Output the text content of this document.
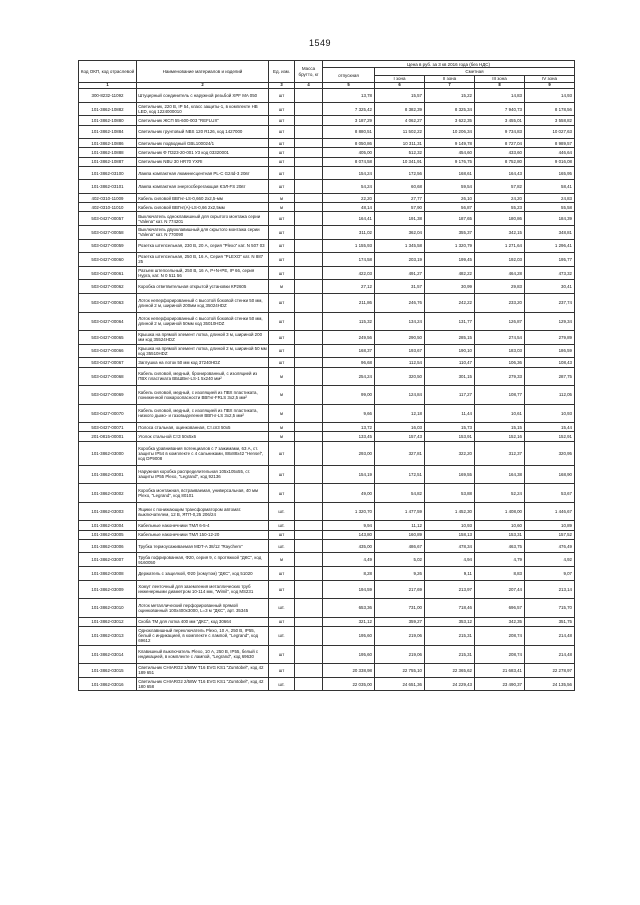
1549
Код ОКП, код отраслевой	Наименование материалов и изделий	Ед. изм.	Масса брутто, кг	Цена в руб. за 3 кв 2016 года (без НДС)				
				отпускная	Сметная			
					I зона	II зона	III зона	IV зона
1	2	3	4	5	6	7	8	9
300-8232-11092	Штуцерный соединитель с наружной резьбой XPF MA 050	шт		13,78	15,57	15,22	14,83	14,93
101-3862-10882	Светильник, 220 В, IP 54, класс защиты-1, в комплекте НВ LED, код 1224000010	шт		7 325,42	8 382,39	8 325,34	7 940,73	8 178,56
101-3862-10880	Светильник ЖСП 55-600-003 "REFLUX"	шт		3 187,29	4 062,27	3 622,35	3 455,01	3 558,82
101-3862-10884	Светильник грунтовый NBS 120 R126, код 1427000	шт		8 880,51	11 502,22	10 206,34	9 734,83	10 027,63
101-3862-10886	Светильник подводный GBL100024/1	шт		8 050,86	10 311,31	9 149,78	8 727,04	8 989,57
101-3862-10888	Светильник Ф ПЗ23-20-001 У3 код 03320001	шт		405,00	512,32	454,60	433,60	446,64
101-3862-10887	Светильник NBU 30 HR70 YXRI	шт		8 074,58	10 341,91	9 176,75	8 752,80	9 016,08
101-3862-03100	Лампа компактная люминесцентная PL-C G24d-3 20вт	шт		154,24	172,56	168,61	164,43	165,95
101-3862-03101	Лампа компактная энергосберегающая КЭЛ-FS 20вт	шт		54,24	60,68	59,54	57,82	58,41
402-0310-11009	Кабель силовой ВВГнг-LS-0,660 2х2,5-мм	м		22,20	27,77	26,10	24,20	24,83
402-0310-11010	Кабель силовой ВВГнг(А)-LS-0,66 2х2,5мм	м		48,14	57,90	56,87	55,23	55,58
503-0427-00057	Выключатель одноклавишный для скрытого монтажа серии "Valena" кат. N 774201	шт		164,41	191,38	187,65	180,86	184,39
503-0427-00058	Выключатель двухклавишный для скрытого монтажа серии "Valena" кат. N 770090	шт		311,02	362,04	355,37	342,15	348,81
503-0427-00059	Розетка штепсельная, 230 В, 20 А, серия "Plexo" кат. N 507 03	шт		1 155,93	1 345,58	1 320,79	1 271,64	1 296,41
503-0427-00060	Розетка штепсельная, 250 В, 16 А, Серия "PLEXO" кат. N 887 25	шт		174,58	203,19	199,45	192,03	195,77
503-0427-00061	Разъем штепсельный, 250 В, 16 А, Р+N+PE, IP 66, серия Hypra, кат. N 0 511 56	шт		422,03	491,27	482,22	464,28	473,32
503-0427-00062	Коробка ответвительная открытой установки КР2605	м		27,12	31,57	30,99	29,83	30,41
503-0427-00063	Лоток неперфорированный с высотой боковой стенки 50 мм, длиной 2 м, шириной 200мм код 35024HDZ	шт		211,86	246,76	242,22	233,20	237,74
503-0427-00064	Лоток неперфорированный с высотой боковой стенки 50 мм, длиной 2 м, шириной 50мм код 35010HDZ	шт		115,32	134,24	131,77	126,87	129,34
503-0427-00065	Крышка на прямой элемент лотка, длиной 3 м, шириной 200 мм код 35524HDZ	шт		249,56	290,50	285,15	274,54	279,89
503-0427-00066	Крышка на прямой элемент лотка, длиной 2 м, шириной 50 мм код 35510HDZ	шт		168,37	193,67	190,10	183,03	186,59
503-0427-00067	Заглушка на лоток 50 мм код 37240HDZ	шт		96,68	112,54	110,47	106,36	108,43
503-0427-00068	Кабель силовой, медный, бронированный, с изоляцией из ПВХ пластиката ВБШВнг-LS-1 5х240 мм²	м		254,24	320,50	301,15	279,33	287,75
503-0427-00069	Кабель силовой, медный, с изоляцией из ПВХ пластиката, пониженной пожароопасности ВВГнг-FRLS 3х2,5 мм²	м		99,00	124,84	117,27	108,77	112,05
503-0427-00070	Кабель силовой, медный, с изоляцией из ПВХ пластиката, низкого дымо- и газовыделения ВВГнг-LS 3х2,5 мм²	м		9,66	12,18	11,44	10,61	10,93
503-0427-00071	Полоса стальная, оцинкованная, Ст.сп3 50х5	м		13,72	16,03	15,73	15,15	15,44
201-0815-00001	Уголок стальной СтЗ 50х5х6	м		133,45	157,43	153,91	152,16	152,91
101-3862-03000	Коробка уравнивания потенциалов с 7 зажимами, 63 А, ст. защиты IP54 в комплекте с 4 сальниками, 88х88х42 "Hensel", код DP9008	шт		293,00	327,81	322,20	312,37	320,95
101-3862-03001	Наружная коробка распределительная 105х105х55, ст. защиты IP55 Plexo, "Legrand", код 92136	шт		154,19	172,51	169,55	164,38	168,90
101-3862-03002	Коробка монтажная, встраиваемая, универсальная, 40 мм Plexo, "Legrand", код 80101	шт		49,00	54,82	53,88	52,24	53,67
101-3862-03003	Ящики с понижающим трансформатором автомат. выключателем, 12 В, ЯТП-0,25 206/24	шт.		1 320,70	1 477,59	1 452,30	1 408,00	1 446,67
101-3862-03004	Кабельные наконечники ТМЛ 6-5-4	шт.		9,94	11,12	10,93	10,60	10,89
101-3862-03005	Кабельные наконечники ТМЛ 150-12-20	шт		143,80	160,89	158,13	153,31	157,52
101-3862-03006	Трубка термоусаживаемая MDT-A 38/12 "Raychem"	шт.		435,00	486,67	478,34	463,75	476,49
101-3862-03007	Труба гофрированная, Ф20, серия 9, с протяжкой "ДКС", код 9160050	м		4,49	5,02	4,94	4,79	4,92
101-3862-03008	Держатель с защелкой, Ф20 (хомутом) "ДКС", код 51020	шт		8,28	9,26	9,11	8,83	9,07
101-3862-03009	Хомут ленточный для заземления металлических труб инженерными диаметром 10-114 мм, "Wimil", код MS231	шт		194,59	217,69	213,97	207,44	213,14
101-3862-03010	Лоток металлический перфорированный прямой оцинкованный 100х400х3000, L=3 м "ДКС", арт. 35345	шт.		653,36	731,00	718,46	696,57	715,70
101-3862-03012	Скоба ТМ для лотка 400 мм "ДКС", код 30664	шт		321,12	359,27	353,12	342,35	351,75
101-3862-03013	Одноклавишный переключатель Plexo, 10 А, 250 В, IP55, белый с индикацией, в комплекте с лампой, "Legrand", код 69612	шт.		195,60	219,06	215,31	208,74	214,48
101-3862-03014	Клавишный выключатель Plexo, 10 А, 250 В, IP55, белый с индикацией, в комплекте с лампой, "Legrand", код 69630	шт		195,60	219,06	215,31	208,74	214,48
101-3862-03015	Светильник CHIARO2 1/58W T16 EVG KS1 "Zumtobel", код 42 189 651	шт		20 338,98	22 755,10	22 365,62	21 683,41	22 278,97
101-3862-03016	Светильник CHIARO2 2/58W T16 EVG KS1 "Zumtobel", код 42 180 658	шт.		22 035,00	24 651,36	24 229,43	23 490,37	24 135,56
